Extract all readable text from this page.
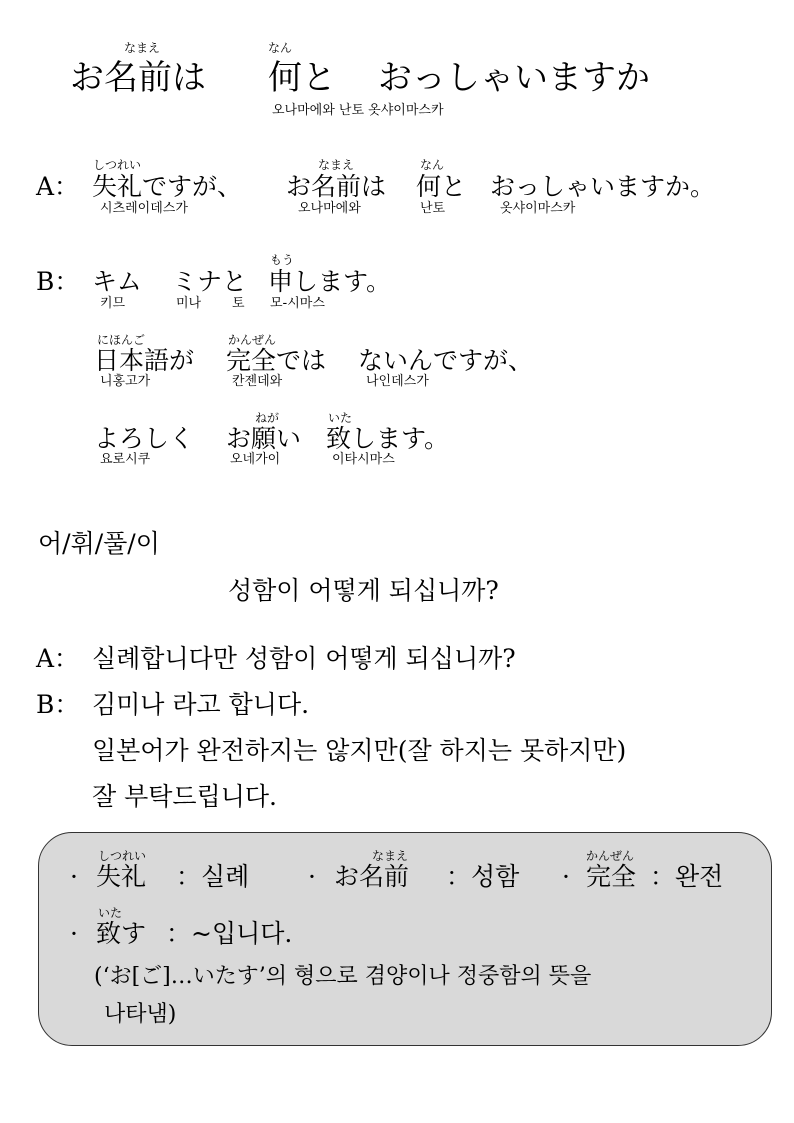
なまえ	なん
お名前は 何と おっしゃいますか
오나마에와 난토 옷샤이마스카
しつれい	なまえ	なん
A： 失礼ですが、 お名前は 何と おっしゃいますか。
시츠레이데스가	오나마에와	난토	옷샤이마스카
もう
B： キム ミナと 申します。
키므	미나 토 모-시마스
にほんご	かんぜん
日本語が 完全では ないんですが、
니홍고가	칸젠데와	나인데스가
ねが	いた
よろしく お願い 致します。
요로시쿠	오네가이	이타시마스
어/휘/풀/이
성함이 어떻게 되십니까?
A： 실례합니다만 성함이 어떻게 되십니까?
B： 김미나 라고 합니다.
일본어가 완전하지는 않지만(잘 하지는 못하지만)
잘 부탁드립니다.
しつれい	なまえ	かんぜん
· 失礼 ：실례 · お名前 ：성함 · 完全 ：완전
いた
· 致す ：~입니다.
(‘お[ご]…いたす’의 형으로 겸양이나 정중함의 뜻을
나타냄)
